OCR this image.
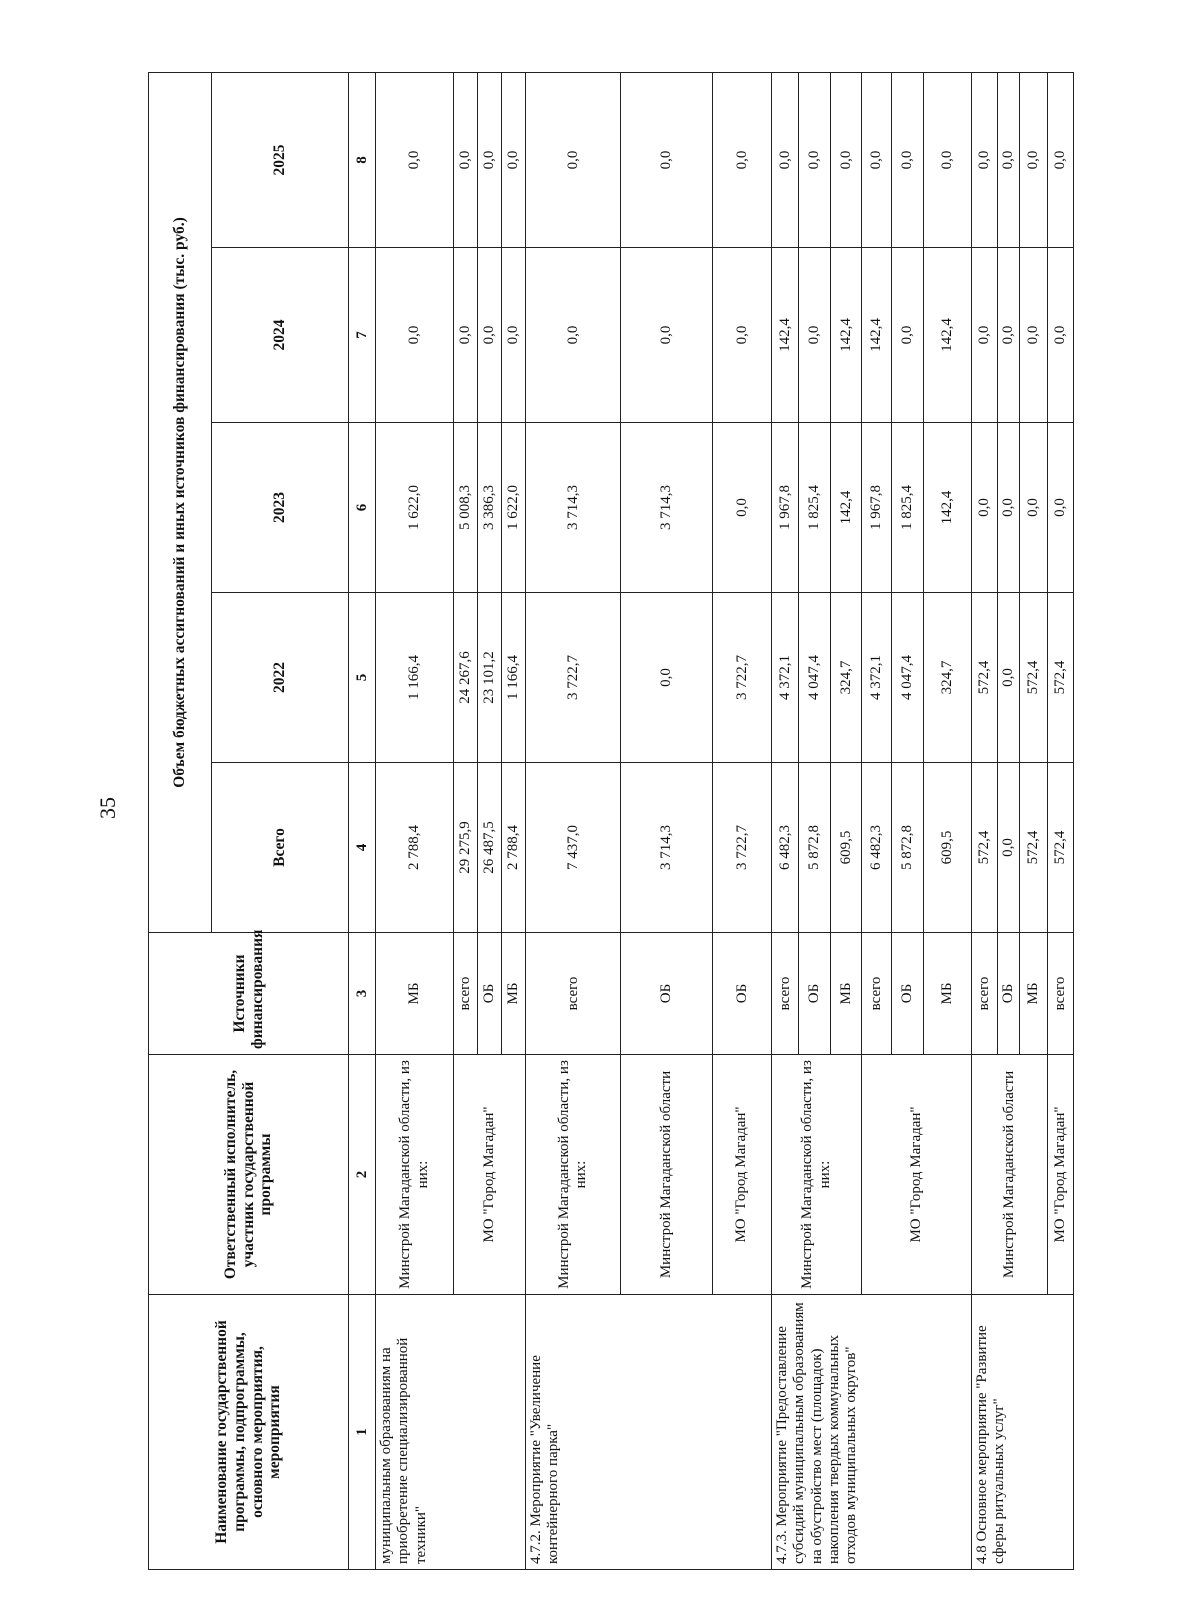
35
Наименование государственной программы, подпрограммы, основного мероприятия, мероприятия	Ответственный исполнитель, участник государственной программы	Источники финансирования	Объем бюджетных ассигнований и иных источников финансирования (тыс. руб.)				
			Всего	2022	2023	2024	2025
1	2	3	4	5	6	7	8
муниципальным образованиям на приобретение специализированной техники"	Минстрой Магаданской области, из них:	МБ	2 788,4	1 166,4	1 622,0	0,0	0,0
	МО "Город Магадан"	всего	29 275,9	24 267,6	5 008,3	0,0	0,0
		ОБ	26 487,5	23 101,2	3 386,3	0,0	0,0
		МБ	2 788,4	1 166,4	1 622,0	0,0	0,0
4.7.2. Мероприятие "Увеличение контейнерного парка"	Минстрой Магаданской области, из них:	всего	7 437,0	3 722,7	3 714,3	0,0	0,0
	Минстрой Магаданской области	ОБ	3 714,3	0,0	3 714,3	0,0	0,0
	МО "Город Магадан"	ОБ	3 722,7	3 722,7	0,0	0,0	0,0
4.7.3. Мероприятие "Предоставление субсидий муниципальным образованиям на обустройство мест (площадок) накопления твердых коммунальных отходов муниципальных округов"	Минстрой Магаданской области, из них:	всего	6 482,3	4 372,1	1 967,8	142,4	0,0
		ОБ	5 872,8	4 047,4	1 825,4	0,0	0,0
		МБ	609,5	324,7	142,4	142,4	0,0
	МО "Город Магадан"	всего	6 482,3	4 372,1	1 967,8	142,4	0,0
		ОБ	5 872,8	4 047,4	1 825,4	0,0	0,0
		МБ	609,5	324,7	142,4	142,4	0,0
4.8 Основное мероприятие "Развитие сферы ритуальных услуг"	Минстрой Магаданской области	всего	572,4	572,4	0,0	0,0	0,0
		ОБ	0,0	0,0	0,0	0,0	0,0
		МБ	572,4	572,4	0,0	0,0	0,0
	МО "Город Магадан"	всего	572,4	572,4	0,0	0,0	0,0
